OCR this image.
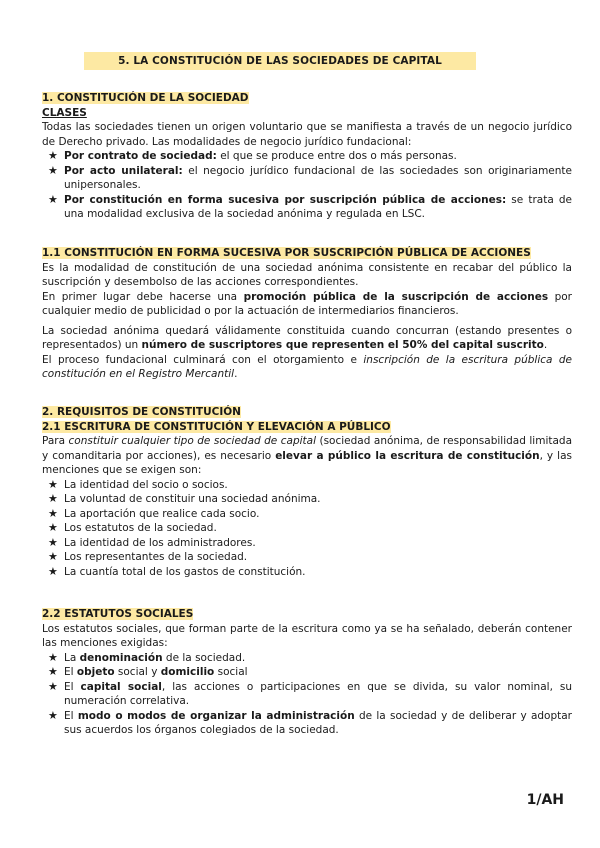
5. LA CONSTITUCIÓN DE LAS SOCIEDADES DE CAPITAL
1. CONSTITUCIÓN DE LA SOCIEDAD
CLASES

Todas las sociedades tienen un origen voluntario que se manifiesta a través de un negocio jurídico de Derecho privado. Las modalidades de negocio jurídico fundacional:

★ Por contrato de sociedad: el que se produce entre dos o más personas.
★ Por acto unilateral: el negocio jurídico fundacional de las sociedades son originariamente unipersonales.
★ Por constitución en forma sucesiva por suscripción pública de acciones: se trata de una modalidad exclusiva de la sociedad anónima y regulada en LSC.
1.1 CONSTITUCIÓN EN FORMA SUCESIVA POR SUSCRIPCIÓN PÚBLICA DE ACCIONES

Es la modalidad de constitución de una sociedad anónima consistente en recabar del público la suscripción y desembolso de las acciones correspondientes.

En primer lugar debe hacerse una promoción pública de la suscripción de acciones por cualquier medio de publicidad o por la actuación de intermediarios financieros.

La sociedad anónima quedará válidamente constituida cuando concurran (estando presentes o representados) un número de suscriptores que representen el 50% del capital suscrito.

El proceso fundacional culminará con el otorgamiento e inscripción de la escritura pública de constitución en el Registro Mercantil.

2. REQUISITOS DE CONSTITUCIÓN
2.1 ESCRITURA DE CONSTITUCIÓN Y ELEVACIÓN A PÚBLICO

Para constituir cualquier tipo de sociedad de capital (sociedad anónima, de responsabilidad limitada y comanditaria por acciones), es necesario elevar a público la escritura de constitución, y las menciones que se exigen son:

★ La identidad del socio o socios.
★ La voluntad de constituir una sociedad anónima.
★ La aportación que realice cada socio.
★ Los estatutos de la sociedad.
★ La identidad de los administradores.
★ Los representantes de la sociedad.
★ La cuantía total de los gastos de constitución.
2.2 ESTATUTOS SOCIALES

Los estatutos sociales, que forman parte de la escritura como ya se ha señalado, deberán contener las menciones exigidas:

★ La denominación de la sociedad.
★ El objeto social y domicilio social
★ El capital social, las acciones o participaciones en que se divida, su valor nominal, su numeración correlativa.
★ El modo o modos de organizar la administración de la sociedad y de deliberar y adoptar sus acuerdos los órganos colegiados de la sociedad.
1/AH
